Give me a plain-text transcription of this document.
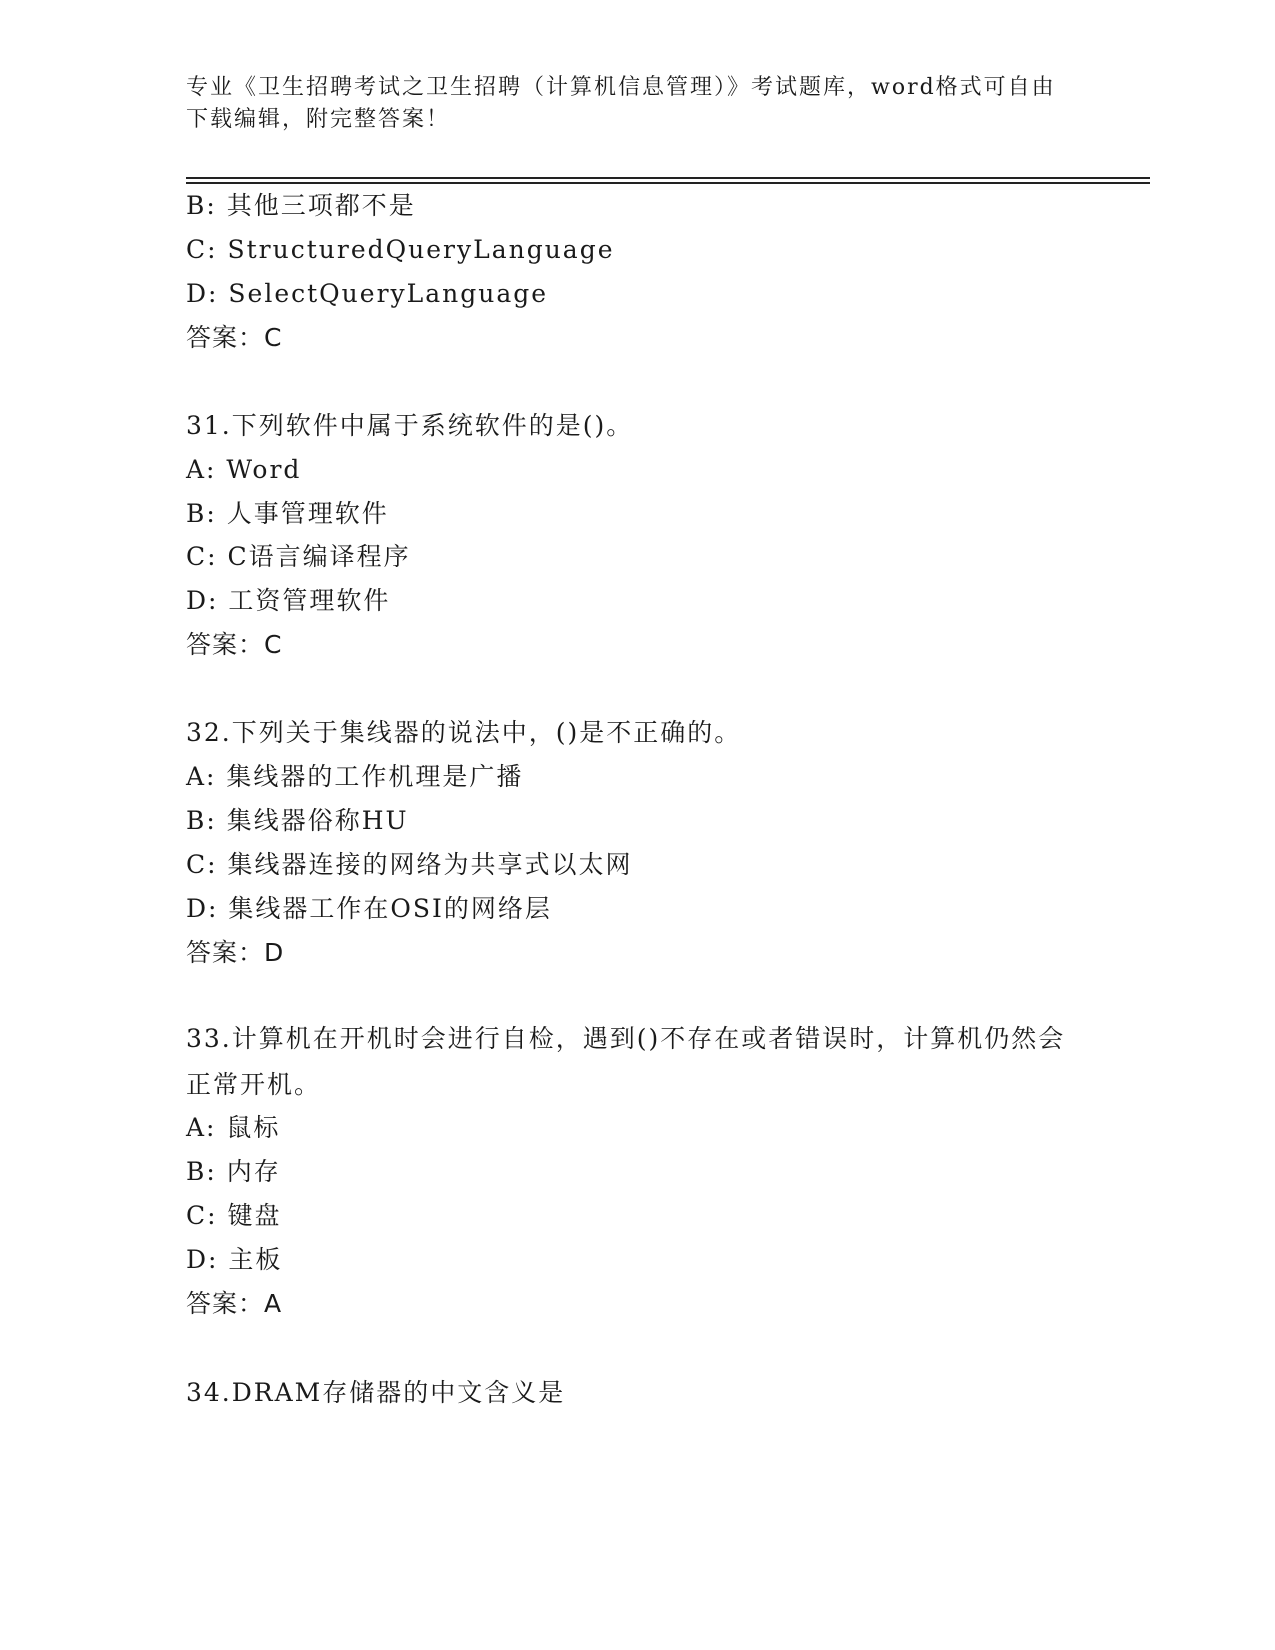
专业《卫生招聘考试之卫生招聘（计算机信息管理）》考试题库，word格式可自由下载编辑，附完整答案！
B: 其他三项都不是
C: StructuredQueryLanguage
D: SelectQueryLanguage
答案：C
31.下列软件中属于系统软件的是()。
A: Word
B: 人事管理软件
C: C语言编译程序
D: 工资管理软件
答案：C
32.下列关于集线器的说法中，()是不正确的。
A: 集线器的工作机理是广播
B: 集线器俗称HU
C: 集线器连接的网络为共享式以太网
D: 集线器工作在OSI的网络层
答案：D
33.计算机在开机时会进行自检，遇到()不存在或者错误时，计算机仍然会正常开机。
A: 鼠标
B: 内存
C: 键盘
D: 主板
答案：A
34.DRAM存储器的中文含义是
